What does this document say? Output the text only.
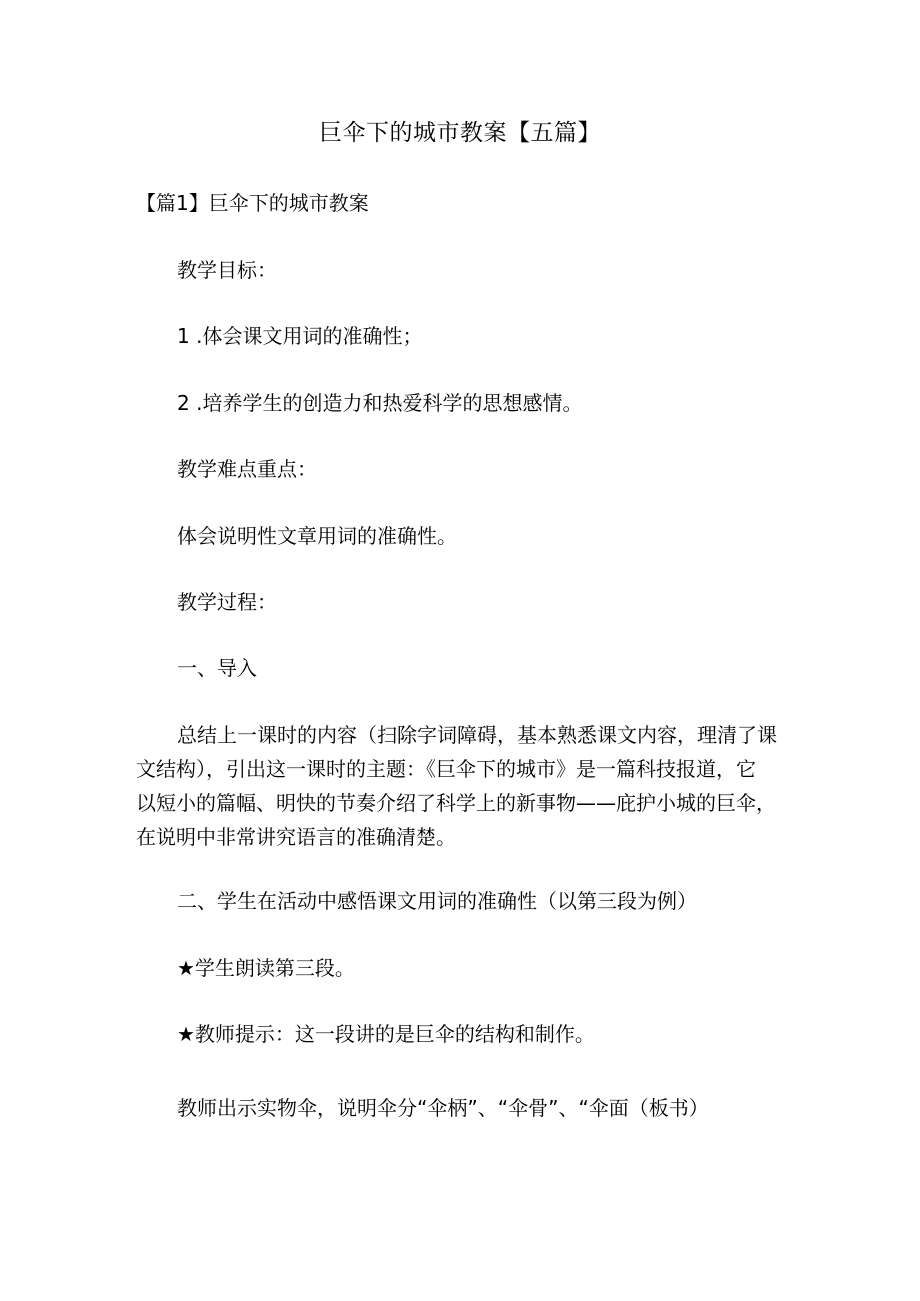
巨伞下的城市教案【五篇】
【篇1】巨伞下的城市教案
教学目标：
1 .体会课文用词的准确性；
2 .培养学生的创造力和热爱科学的思想感情。
教学难点重点：
体会说明性文章用词的准确性。
教学过程：
一、导入
总结上一课时的内容（扫除字词障碍，基本熟悉课文内容，理清了课
文结构），引出这一课时的主题：《巨伞下的城市》是一篇科技报道，它
以短小的篇幅、明快的节奏介绍了科学上的新事物——庇护小城的巨伞，
在说明中非常讲究语言的准确清楚。
二、学生在活动中感悟课文用词的准确性（以第三段为例）
★学生朗读第三段。
★教师提示：这一段讲的是巨伞的结构和制作。
教师出示实物伞，说明伞分“伞柄”、“伞骨”、“伞面（板书）
